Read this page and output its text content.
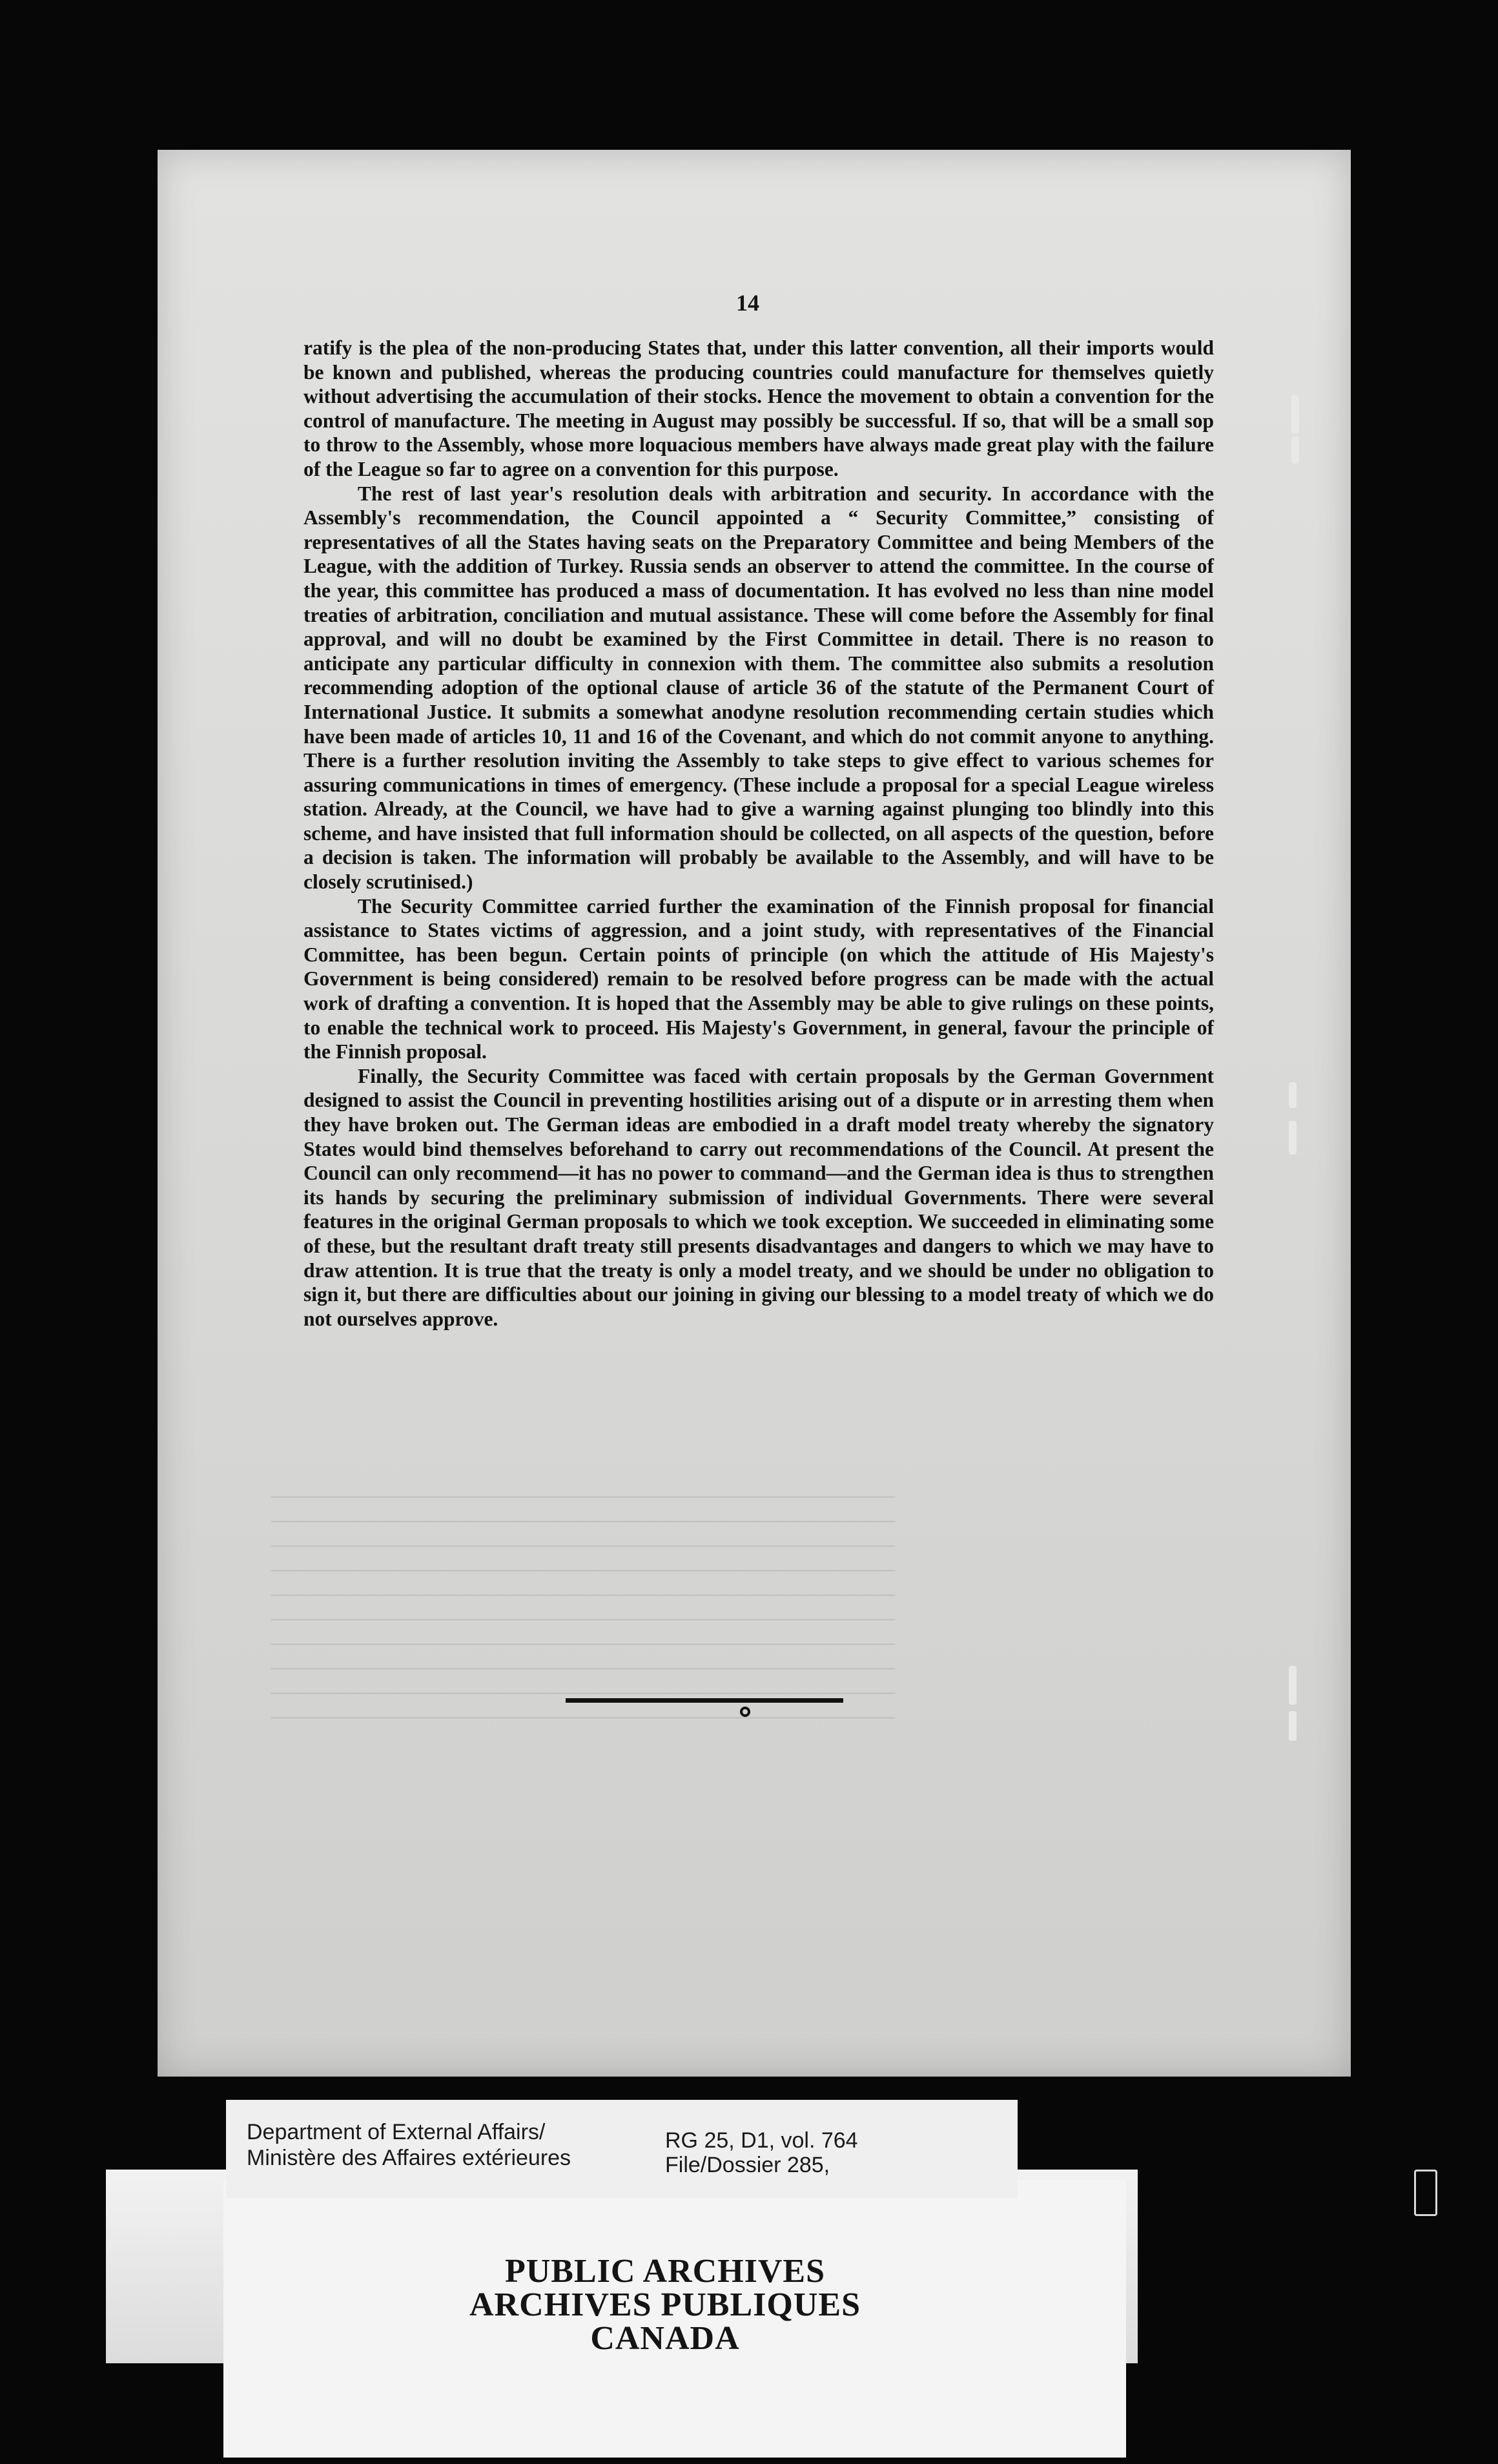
14

ratify is the plea of the non-producing States that, under this latter convention, all their imports would be known and published, whereas the producing countries could manufacture for themselves quietly without advertising the accumulation of their stocks. Hence the movement to obtain a convention for the control of manufacture. The meeting in August may possibly be successful. If so, that will be a small sop to throw to the Assembly, whose more loquacious members have always made great play with the failure of the League so far to agree on a convention for this purpose.

The rest of last year's resolution deals with arbitration and security. In accordance with the Assembly's recommendation, the Council appointed a “ Security Committee,” consisting of representatives of all the States having seats on the Preparatory Committee and being Members of the League, with the addition of Turkey. Russia sends an observer to attend the committee. In the course of the year, this committee has produced a mass of documentation. It has evolved no less than nine model treaties of arbitration, conciliation and mutual assistance. These will come before the Assembly for final approval, and will no doubt be examined by the First Committee in detail. There is no reason to anticipate any particular difficulty in connexion with them. The committee also submits a resolution recommending adoption of the optional clause of article 36 of the statute of the Permanent Court of International Justice. It submits a somewhat anodyne resolution recommending certain studies which have been made of articles 10, 11 and 16 of the Covenant, and which do not commit anyone to anything. There is a further resolution inviting the Assembly to take steps to give effect to various schemes for assuring communications in times of emergency. (These include a proposal for a special League wireless station. Already, at the Council, we have had to give a warning against plunging too blindly into this scheme, and have insisted that full information should be collected, on all aspects of the question, before a decision is taken. The information will probably be available to the Assembly, and will have to be closely scrutinised.)

The Security Committee carried further the examination of the Finnish proposal for financial assistance to States victims of aggression, and a joint study, with representatives of the Financial Committee, has been begun. Certain points of principle (on which the attitude of His Majesty's Government is being considered) remain to be resolved before progress can be made with the actual work of drafting a convention. It is hoped that the Assembly may be able to give rulings on these points, to enable the technical work to proceed. His Majesty's Government, in general, favour the principle of the Finnish proposal.

Finally, the Security Committee was faced with certain proposals by the German Government designed to assist the Council in preventing hostilities arising out of a dispute or in arresting them when they have broken out. The German ideas are embodied in a draft model treaty whereby the signatory States would bind themselves beforehand to carry out recommendations of the Council. At present the Council can only recommend—it has no power to command—and the German idea is thus to strengthen its hands by securing the preliminary submission of individual Governments. There were several features in the original German proposals to which we took exception. We succeeded in eliminating some of these, but the resultant draft treaty still presents disadvantages and dangers to which we may have to draw attention. It is true that the treaty is only a model treaty, and we should be under no obligation to sign it, but there are difficulties about our joining in giving our blessing to a model treaty of which we do not ourselves approve.

Department of External Affairs/
Ministère des Affaires extérieures
RG 25, D1, vol. 764
File/Dossier 285,
PUBLIC ARCHIVES
ARCHIVES PUBLIQUES
CANADA
